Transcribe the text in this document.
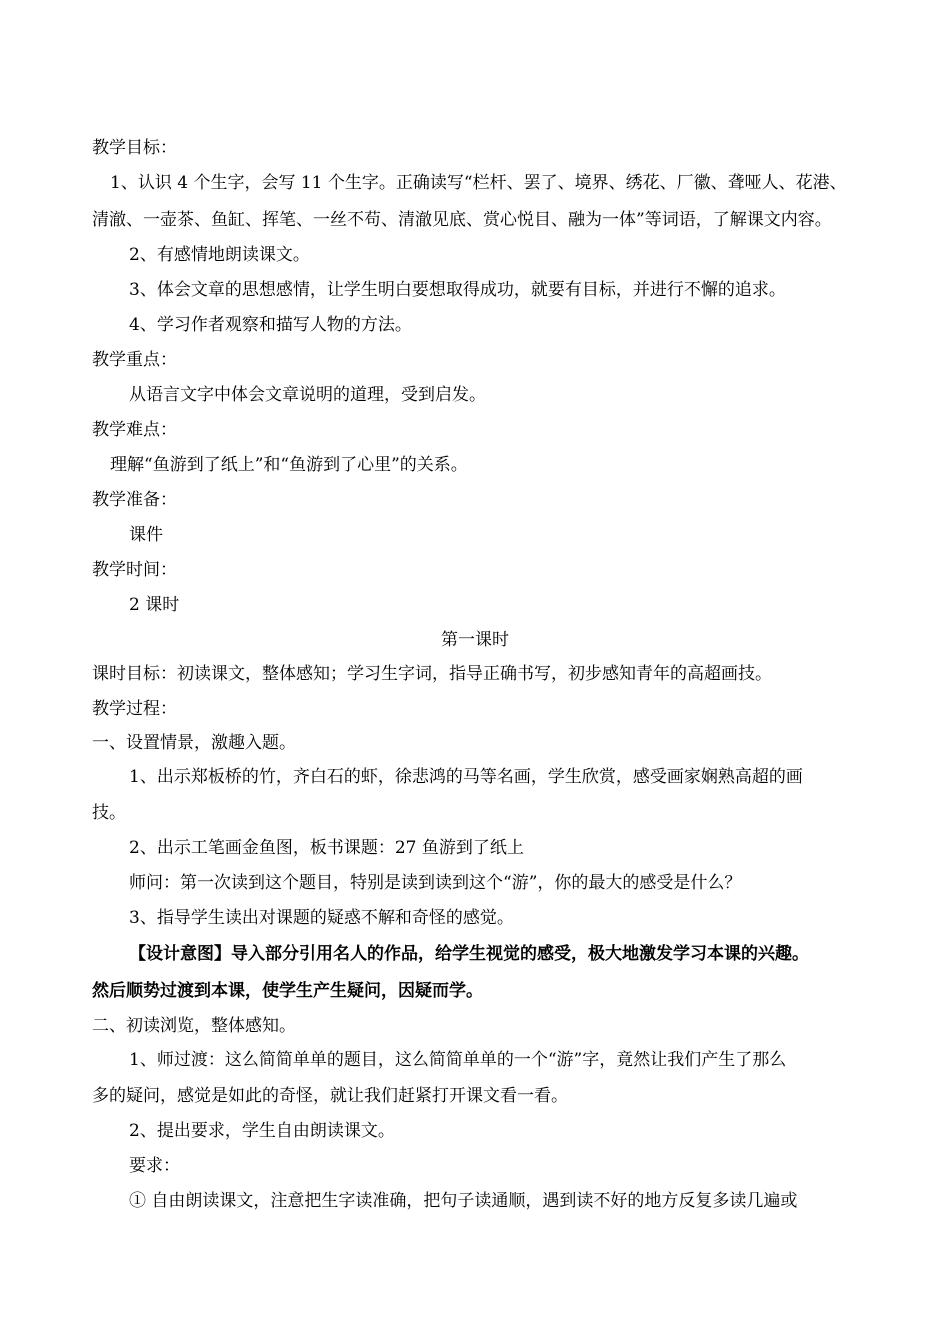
教学目标：
1、认识 4 个生字，会写 11 个生字。正确读写“栏杆、罢了、境界、绣花、厂徽、聋哑人、花港、
清澈、一壶茶、鱼缸、挥笔、一丝不苟、清澈见底、赏心悦目、融为一体”等词语，了解课文内容。
2、有感情地朗读课文。
3、体会文章的思想感情，让学生明白要想取得成功，就要有目标，并进行不懈的追求。
4、学习作者观察和描写人物的方法。
教学重点：
从语言文字中体会文章说明的道理，受到启发。
教学难点：
理解“鱼游到了纸上”和“鱼游到了心里”的关系。
教学准备：
课件
教学时间：
2 课时
第一课时
课时目标：初读课文，整体感知；学习生字词，指导正确书写，初步感知青年的高超画技。
教学过程：
一、设置情景，激趣入题。
1、出示郑板桥的竹，齐白石的虾，徐悲鸿的马等名画，学生欣赏，感受画家娴熟高超的画
技。
2、出示工笔画金鱼图，板书课题：27 鱼游到了纸上
师问：第一次读到这个题目，特别是读到读到这个“游”，你的最大的感受是什么？
3、指导学生读出对课题的疑惑不解和奇怪的感觉。
【设计意图】导入部分引用名人的作品，给学生视觉的感受，极大地激发学习本课的兴趣。
然后顺势过渡到本课，使学生产生疑问，因疑而学。
二、初读浏览，整体感知。
1、师过渡：这么简简单单的题目，这么简简单单的一个“游”字，竟然让我们产生了那么
多的疑问，感觉是如此的奇怪，就让我们赶紧打开课文看一看。
2、提出要求，学生自由朗读课文。
要求：
① 自由朗读课文，注意把生字读准确，把句子读通顺，遇到读不好的地方反复多读几遍或
